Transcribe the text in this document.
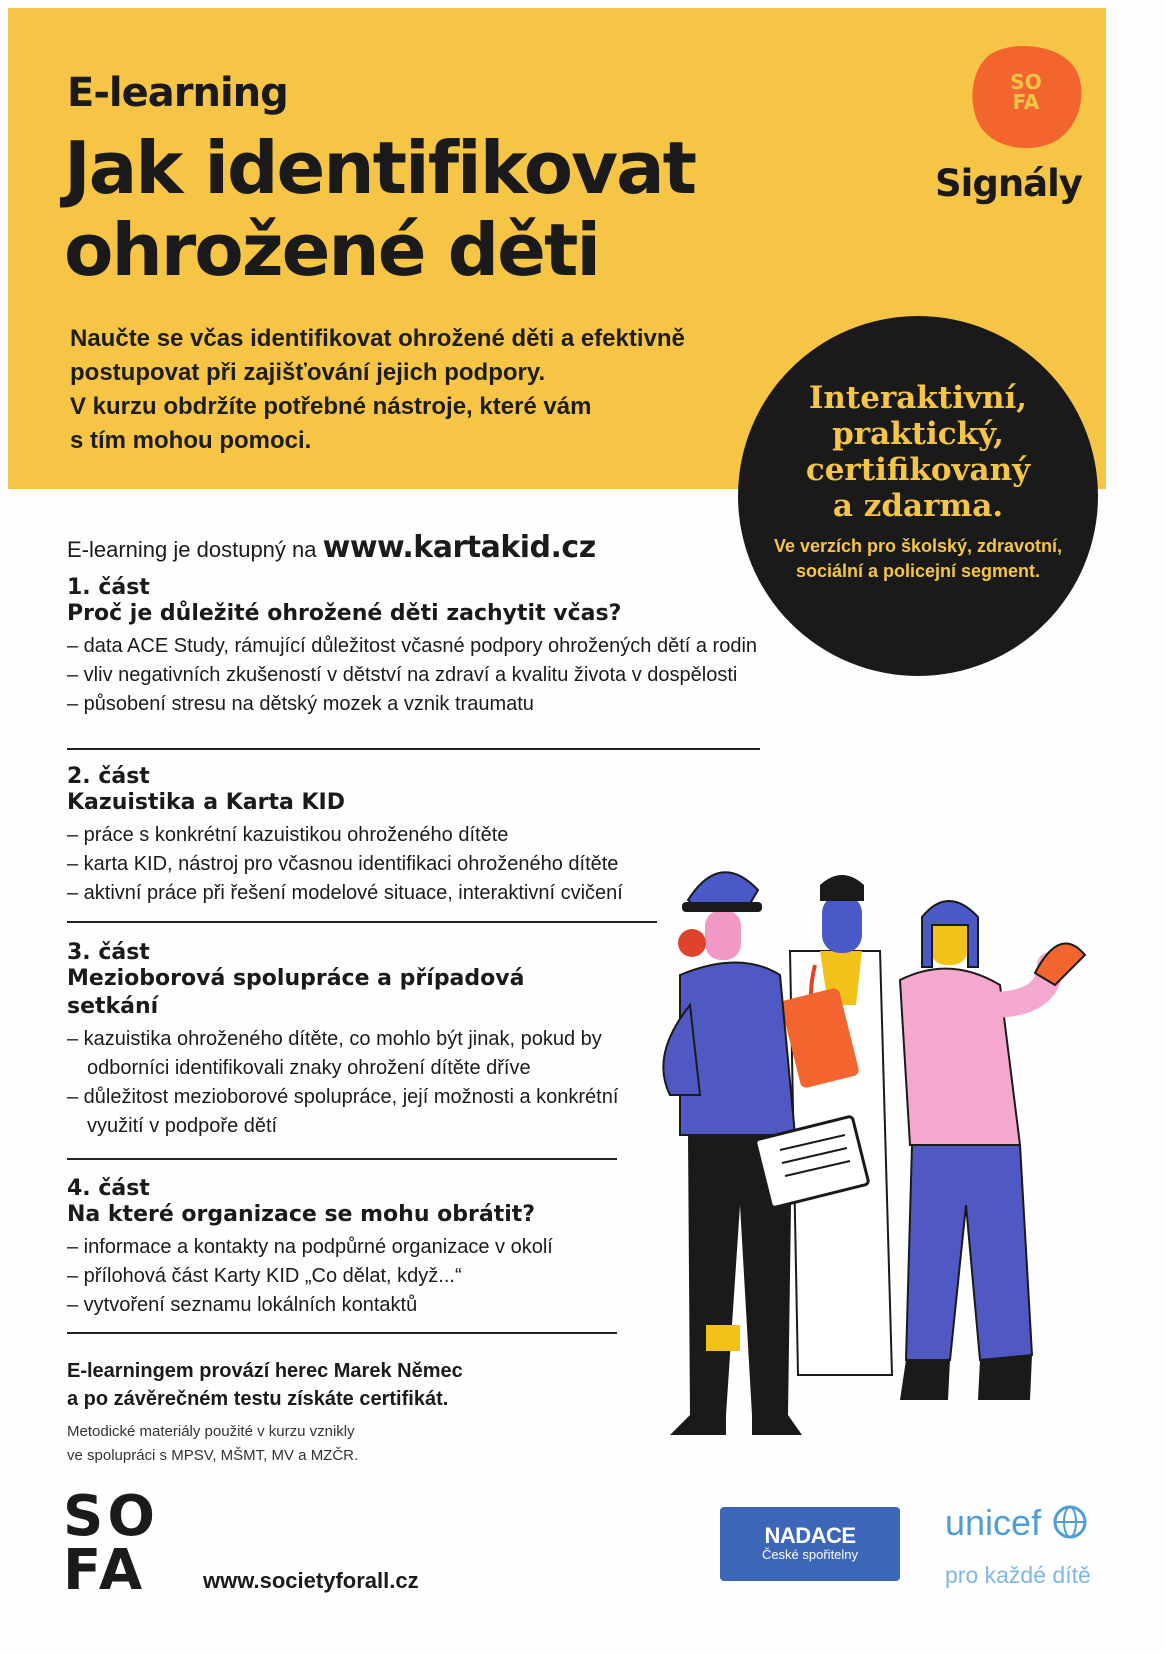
E-learning
Jak identifikovat
ohrožené děti
Naučte se včas identifikovat ohrožené děti a efektivně
postupovat při zajišťování jejich podpory.
V kurzu obdržíte potřebné nástroje, které vám
s tím mohou pomoci.
SO
FA
Signály
Interaktivní,
praktický,
certifikovaný
a zdarma.
Ve verzích pro školský, zdravotní,
sociální a policejní segment.
E-learning je dostupný na www.kartakid.cz
1. část
Proč je důležité ohrožené děti zachytit včas?
– data ACE Study, rámující důležitost včasné podpory ohrožených dětí a rodin
– vliv negativních zkušeností v dětství na zdraví a kvalitu života v dospělosti
– působení stresu na dětský mozek a vznik traumatu
2. část
Kazuistika a Karta KID
– práce s konkrétní kazuistikou ohroženého dítěte
– karta KID, nástroj pro včasnou identifikaci ohroženého dítěte
– aktivní práce při řešení modelové situace, interaktivní cvičení
3. část
Mezioborová spolupráce a případová
setkání
– kazuistika ohroženého dítěte, co mohlo být jinak, pokud by odborníci identifikovali znaky ohrožení dítěte dříve
– důležitost mezioborové spolupráce, její možnosti a konkrétní využití v podpoře dětí
4. část
Na které organizace se mohu obrátit?
– informace a kontakty na podpůrné organizace v okolí
– přílohová část Karty KID „Co dělat, když...“
– vytvoření seznamu lokálních kontaktů
E-learningem provází herec Marek Němec
a po závěrečném testu získáte certifikát.
Metodické materiály použité v kurzu vznikly
ve spolupráci s MPSV, MŠMT, MV a MZČR.
SO
FA	www.societyforall.cz
NADACE
České spořitelny
unicef
pro každé dítě
